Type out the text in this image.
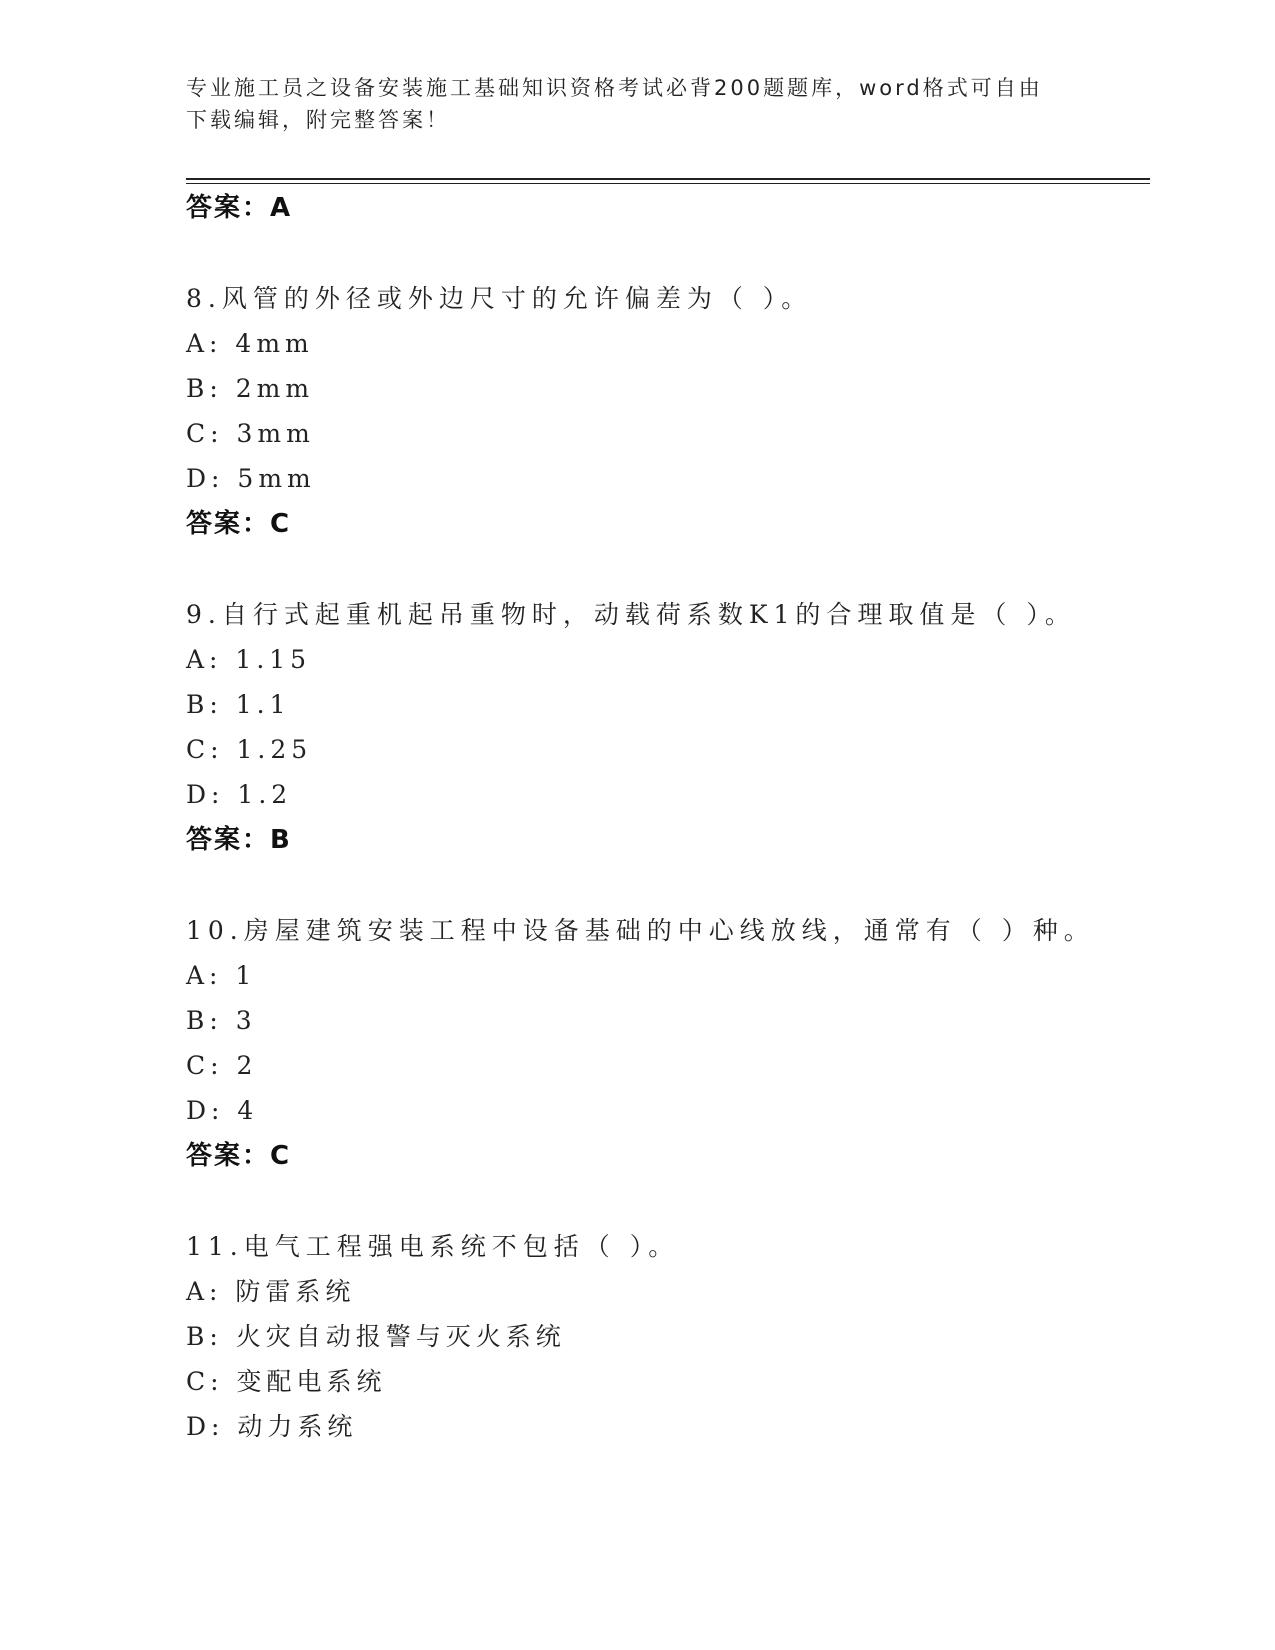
专业施工员之设备安装施工基础知识资格考试必背200题题库，word格式可自由下载编辑，附完整答案！
答案：A
8.风管的外径或外边尺寸的允许偏差为（ ）。
A: 4mm
B: 2mm
C: 3mm
D: 5mm
答案：C
9.自行式起重机起吊重物时，动载荷系数K1的合理取值是（ ）。
A: 1.15
B: 1.1
C: 1.25
D: 1.2
答案：B
10.房屋建筑安装工程中设备基础的中心线放线，通常有（ ）种。
A: 1
B: 3
C: 2
D: 4
答案：C
11.电气工程强电系统不包括（ ）。
A: 防雷系统
B: 火灾自动报警与灭火系统
C: 变配电系统
D: 动力系统
